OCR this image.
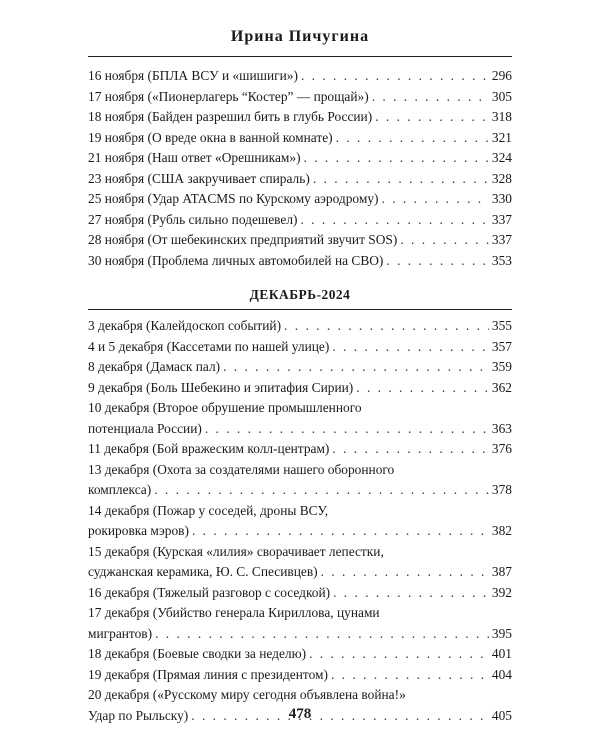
Ирина Пичугина
16 ноября (БПЛА ВСУ и «шишиги») . . .	296
17 ноября («Пионерлагерь “Костер” — прощай») . . .	305
18 ноября (Байден разрешил бить в глубь России) . . .	318
19 ноября (О вреде окна в ванной комнате) . . .	321
21 ноября (Наш ответ «Орешникам») . . .	324
23 ноября (США закручивает спираль) . . .	328
25 ноября (Удар ATACMS по Курскому аэродрому) . . .	330
27 ноября (Рубль сильно подешевел) . . .	337
28 ноября (От шебекинских предприятий звучит SOS) . . .	337
30 ноября (Проблема личных автомобилей на СВО) . . .	353
ДЕКАБРЬ-2024
3 декабря (Калейдоскоп событий) . . .	355
4 и 5 декабря (Кассетами по нашей улице) . . .	357
8 декабря (Дамаск пал) . . .	359
9 декабря (Боль Шебекино и эпитафия Сирии) . . .	362
10 декабря (Второе обрушение промышленного
потенциала России) . . .	363
11 декабря (Бой вражеским колл-центрам) . . .	376
13 декабря (Охота за создателями нашего оборонного
комплекса) . . .	378
14 декабря (Пожар у соседей, дроны ВСУ,
рокировка мэров) . . .	382
15 декабря (Курская «лилия» сворачивает лепестки,
суджанская керамика, Ю. С. Спесивцев) . . .	387
16 декабря (Тяжелый разговор с соседкой) . . .	392
17 декабря (Убийство генерала Кириллова, цунами
мигрантов) . . .	395
18 декабря (Боевые сводки за неделю) . . .	401
19 декабря (Прямая линия с президентом) . . .	404
20 декабря («Русскому миру сегодня объявлена война!»
Удар по Рыльску) . . .	405
478
